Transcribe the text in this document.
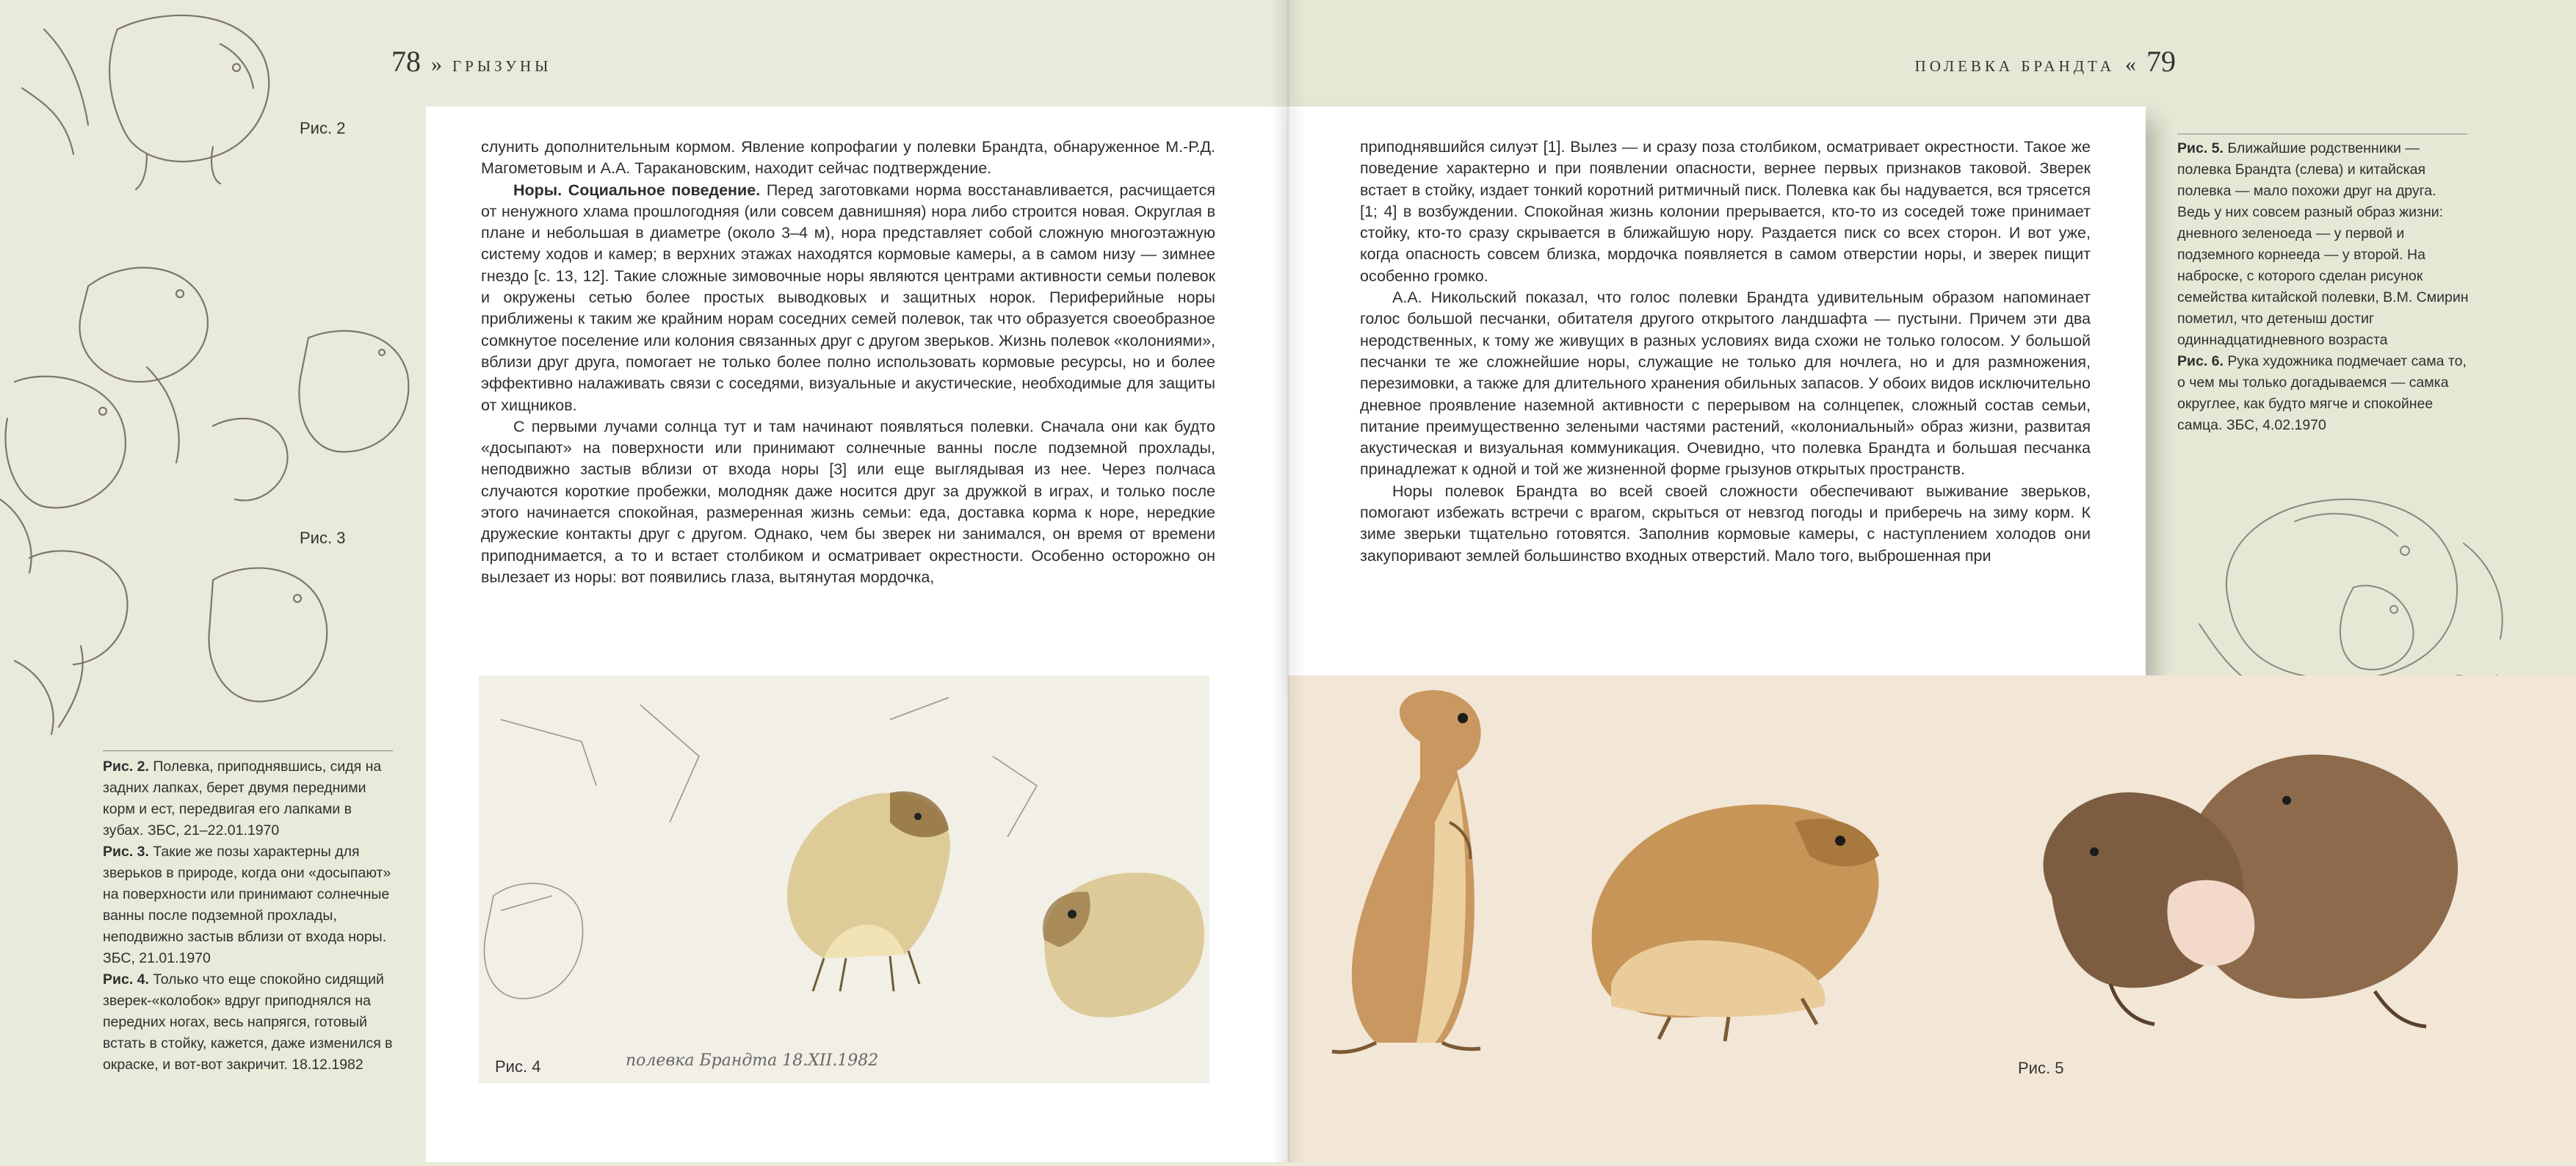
78 » ГРЫЗУНЫ	ПОЛЕВКА БРАНДТА « 79
Рис. 2
Рис. 3

Рис. 2. Полевка, приподнявшись, сидя на задних лапках, берет двумя передними корм и ест, передвигая его лапками в зубах. ЗБС, 21–22.01.1970

Рис. 3. Такие же позы характерны для зверьков в природе, когда они «досыпают» на поверхности или принимают солнечные ванны после подземной прохлады, неподвижно застыв вблизи от входа норы. ЗБС, 21.01.1970

Рис. 4. Только что еще спокойно сидящий зверек-«колобок» вдруг приподнялся на передних ногах, весь напрягся, готовый встать в стойку, кажется, даже изменился в окраске, и вот-вот закричит. 18.12.1982

слунить дополнительным кормом. Явление копрофагии у полевки Брандта, обнаруженное М.-Р.Д. Магометовым и А.А. Таракановским, находит сейчас подтверждение.

Норы. Социальное поведение. Перед заготовками норма восстанавливается, расчищается от ненужного хлама прошлогодняя (или совсем давнишняя) нора либо строится новая. Округлая в плане и небольшая в диаметре (около 3–4 м), нора представляет собой сложную многоэтажную систему ходов и камер; в верхних этажах находятся кормовые камеры, а в самом низу — зимнее гнездо [с. 13, 12]. Такие сложные зимовочные норы являются центрами активности семьи полевок и окружены сетью более простых выводковых и защитных норок. Периферийные норы приближены к таким же крайним норам соседних семей полевок, так что образуется своеобразное сомкнутое поселение или колония связанных друг с другом зверьков. Жизнь полевок «колониями», вблизи друг друга, помогает не только более полно использовать кормовые ресурсы, но и более эффективно налаживать связи с соседями, визуальные и акустические, необходимые для защиты от хищников.

С первыми лучами солнца тут и там начинают появляться полевки. Сначала они как будто «досыпают» на поверхности или принимают солнечные ванны после подземной прохлады, неподвижно застыв вблизи от входа норы [3] или еще выглядывая из нее. Через полчаса случаются короткие пробежки, молодняк даже носится друг за дружкой в играх, и только после этого начинается спокойная, размеренная жизнь семьи: еда, доставка корма к норе, нередкие дружеские контакты друг с другом. Однако, чем бы зверек ни занимался, он время от времени приподнимается, а то и встает столбиком и осматривает окрестности. Особенно осторожно он вылезает из норы: вот появились глаза, вытянутая мордочка,

полевка Брандта 18.XII.1982
Рис. 4

приподнявшийся силуэт [1]. Вылез — и сразу поза столбиком, осматривает окрестности. Такое же поведение характерно и при появлении опасности, вернее первых признаков таковой. Зверек встает в стойку, издает тонкий коротний ритмичный писк. Полевка как бы надувается, вся трясется [1; 4] в возбуждении. Спокойная жизнь колонии прерывается, кто-то из соседей тоже принимает стойку, кто-то сразу скрывается в ближайшую нору. Раздается писк со всех сторон. И вот уже, когда опасность совсем близка, мордочка появляется в самом отверстии норы, и зверек пищит особенно громко.

А.А. Никольский показал, что голос полевки Брандта удивительным образом напоминает голос большой песчанки, обитателя другого открытого ландшафта — пустыни. Причем эти два неродственных, к тому же живущих в разных условиях вида схожи не только голосом. У большой песчанки те же сложнейшие норы, служащие не только для ночлега, но и для размножения, перезимовки, а также для длительного хранения обильных запасов. У обоих видов исключительно дневное проявление наземной активности с перерывом на солнцепек, сложный состав семьи, питание преимущественно зелеными частями растений, «колониальный» образ жизни, развитая акустическая и визуальная коммуникация. Очевидно, что полевка Брандта и большая песчанка принадлежат к одной и той же жизненной форме грызунов открытых пространств.

Норы полевок Брандта во всей своей сложности обеспечивают выживание зверьков, помогают избежать встречи с врагом, скрыться от невзгод погоды и приберечь на зиму корм. К зиме зверьки тщательно готовятся. Заполнив кормовые камеры, с наступлением холодов они закупоривают землей большинство входных отверстий. Мало того, выброшенная при

Рис. 5. Ближайшие родственники — полевка Брандта (слева) и китайская полевка — мало похожи друг на друга. Ведь у них совсем разный образ жизни: дневного зеленоеда — у первой и подземного корнееда — у второй. На наброске, с которого сделан рисунок семейства китайской полевки, В.М. Смирин пометил, что детеныш достиг одиннадцатидневного возраста

Рис. 6. Рука художника подмечает сама то, о чем мы только догадываемся — самка округлее, как будто мягче и спокойнее самца. ЗБС, 4.02.1970

Рис. 5
